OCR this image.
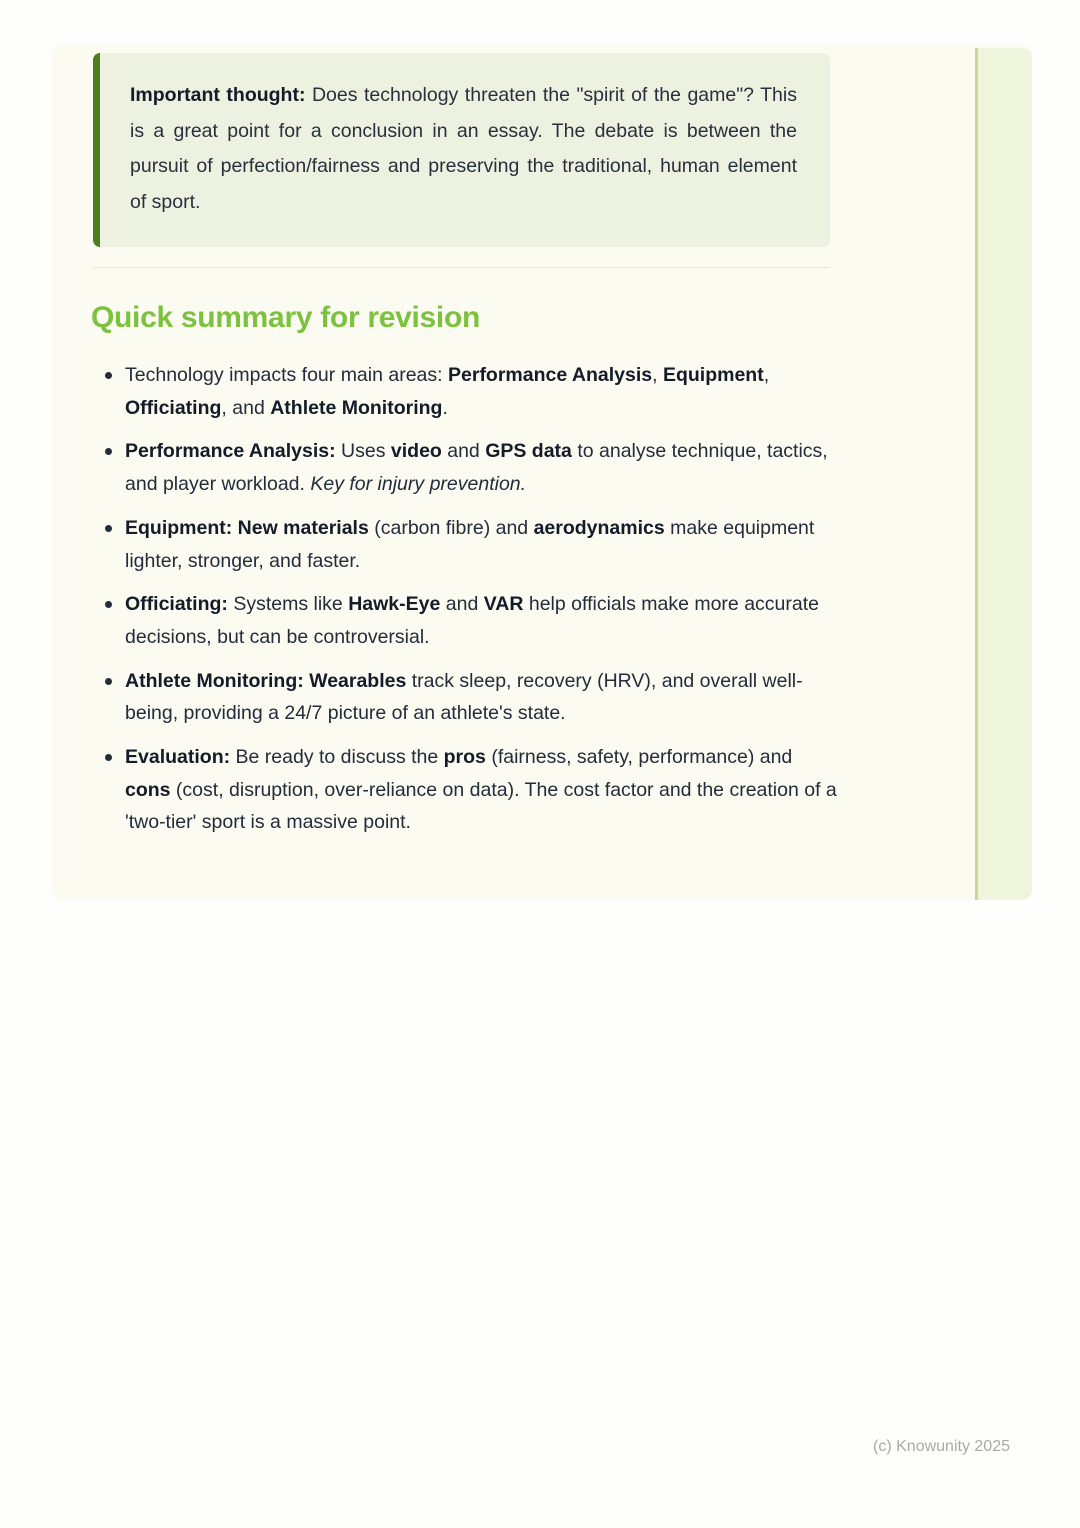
Important thought: Does technology threaten the "spirit of the game"? This is a great point for a conclusion in an essay. The debate is between the pursuit of perfection/fairness and preserving the traditional, human element of sport.

Quick summary for revision
Technology impacts four main areas: Performance Analysis, Equipment, Officiating, and Athlete Monitoring.
Performance Analysis: Uses video and GPS data to analyse technique, tactics, and player workload. Key for injury prevention.
Equipment: New materials (carbon fibre) and aerodynamics make equipment lighter, stronger, and faster.
Officiating: Systems like Hawk-Eye and VAR help officials make more accurate decisions, but can be controversial.
Athlete Monitoring: Wearables track sleep, recovery (HRV), and overall well-being, providing a 24/7 picture of an athlete's state.
Evaluation: Be ready to discuss the pros (fairness, safety, performance) and cons (cost, disruption, over-reliance on data). The cost factor and the creation of a 'two-tier' sport is a massive point.
(c) Knowunity 2025
